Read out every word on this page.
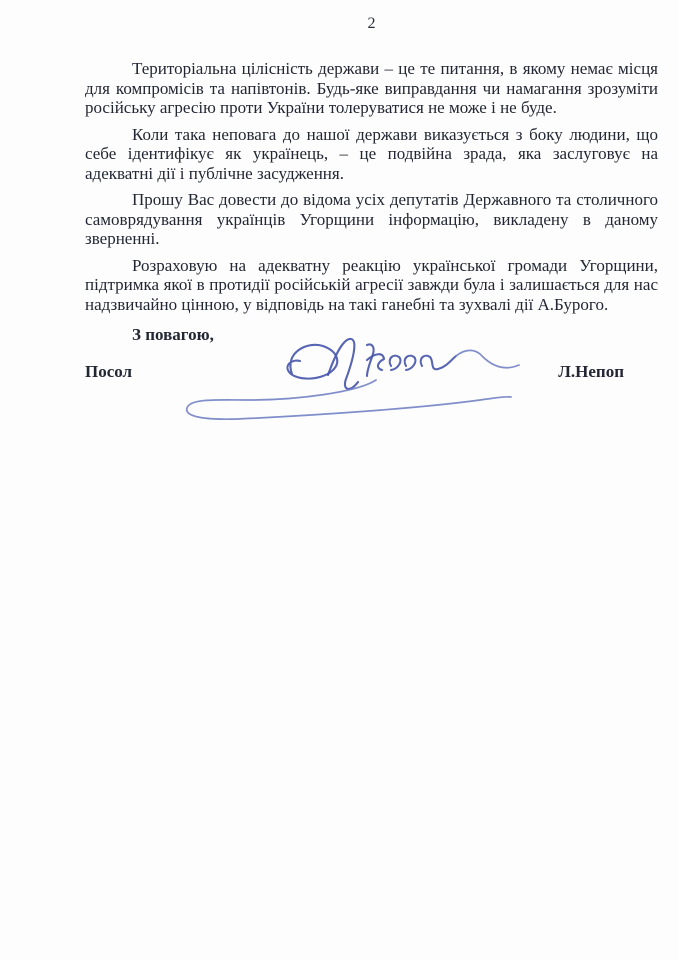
2

Територіальна цілісність держави – це те питання, в якому немає місця для компромісів та напівтонів. Будь-яке виправдання чи намагання зрозуміти російську агресію проти України толеруватися не може і не буде.

Коли така неповага до нашої держави виказується з боку людини, що себе ідентифікує як українець, – це подвійна зрада, яка заслуговує на адекватні дії і публічне засудження.

Прошу Вас довести до відома усіх депутатів Державного та столичного самоврядування українців Угорщини інформацію, викладену в даному зверненні.

Розраховую на адекватну реакцію української громади Угорщини, підтримка якої в протидії російській агресії завжди була і залишається для нас надзвичайно цінною, у відповідь на такі ганебні та зухвалі дії А.Бурого.

З повагою,

Посол	Л.Непоп
